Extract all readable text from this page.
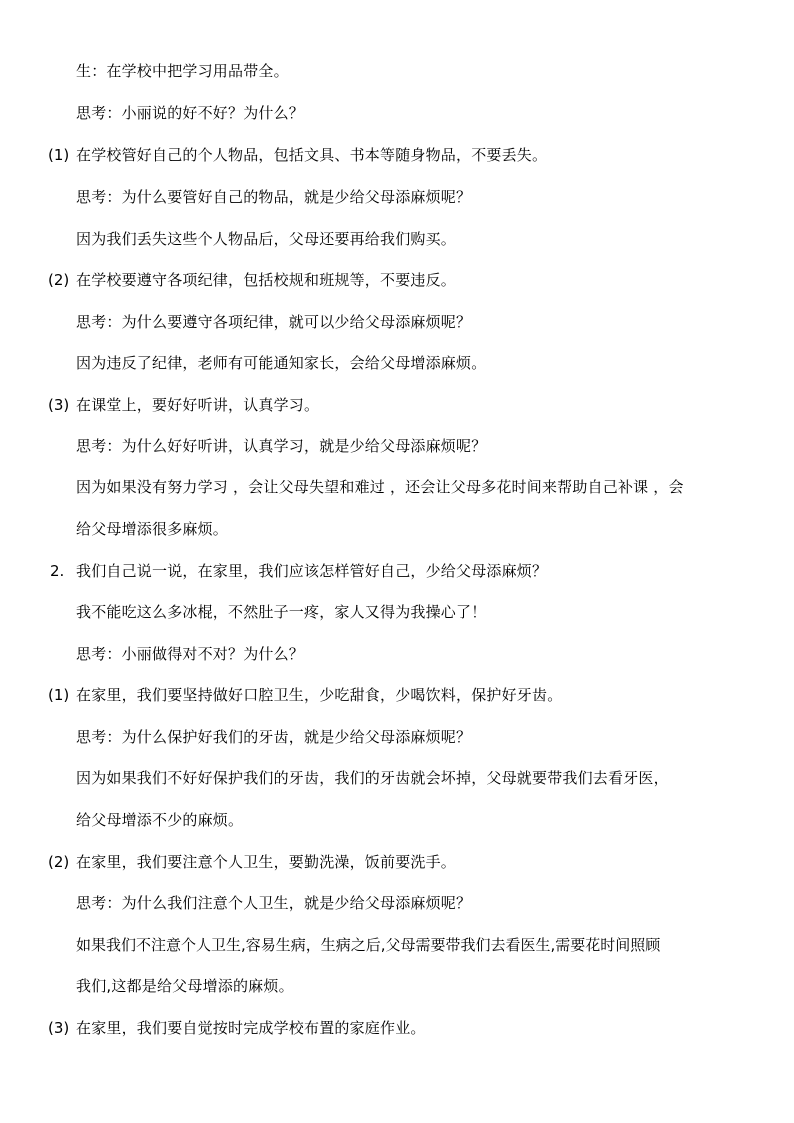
生：在学校中把学习用品带全。
思考：小丽说的好不好？为什么？
(1) 在学校管好自己的个人物品，包括文具、书本等随身物品，不要丢失。
思考：为什么要管好自己的物品，就是少给父母添麻烦呢？
因为我们丢失这些个人物品后，父母还要再给我们购买。
(2) 在学校要遵守各项纪律，包括校规和班规等，不要违反。
思考：为什么要遵守各项纪律，就可以少给父母添麻烦呢？
因为违反了纪律，老师有可能通知家长，会给父母增添麻烦。
(3) 在课堂上，要好好听讲，认真学习。
思考：为什么好好听讲，认真学习，就是少给父母添麻烦呢？
因为如果没有努力学习 ，会让父母失望和难过 ，还会让父母多花时间来帮助自己补课 ，会
给父母增添很多麻烦。
2. 我们自己说一说，在家里，我们应该怎样管好自己，少给父母添麻烦？
我不能吃这么多冰棍，不然肚子一疼，家人又得为我操心了！
思考：小丽做得对不对？为什么？
(1) 在家里，我们要坚持做好口腔卫生，少吃甜食，少喝饮料，保护好牙齿。
思考：为什么保护好我们的牙齿，就是少给父母添麻烦呢？
因为如果我们不好好保护我们的牙齿，我们的牙齿就会坏掉，父母就要带我们去看牙医，
给父母增添不少的麻烦。
(2) 在家里，我们要注意个人卫生，要勤洗澡，饭前要洗手。
思考：为什么我们注意个人卫生，就是少给父母添麻烦呢？
如果我们不注意个人卫生,容易生病，生病之后,父母需要带我们去看医生,需要花时间照顾
我们,这都是给父母增添的麻烦。
(3) 在家里，我们要自觉按时完成学校布置的家庭作业。
